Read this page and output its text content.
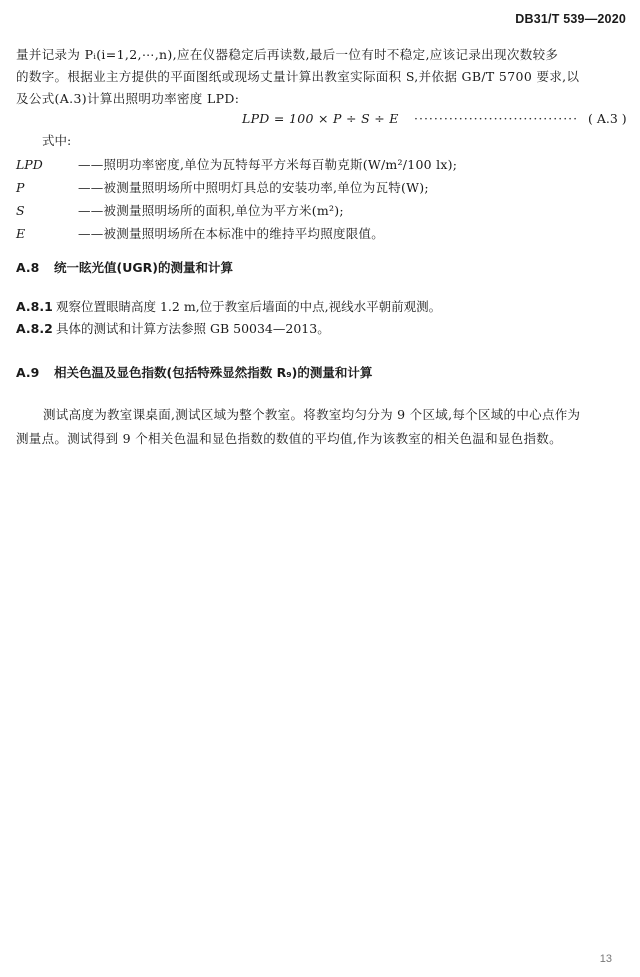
DB31/T 539—2020
量并记录为 Pᵢ(i=1,2,⋯,n),应在仪器稳定后再读数,最后一位有时不稳定,应该记录出现次数较多
的数字。根据业主方提供的平面图纸或现场丈量计算出教室实际面积 S,并依据 GB/T 5700 要求,以
及公式(A.3)计算出照明功率密度 LPD:
LPD = 100 × P ÷ S ÷ E ································· ( A.3 )
式中:
LPD	——照明功率密度,单位为瓦特每平方米每百勒克斯(W/m²/100 lx);
P	——被测量照明场所中照明灯具总的安装功率,单位为瓦特(W);
S	——被测量照明场所的面积,单位为平方米(m²);
E	——被测量照明场所在本标准中的维持平均照度限值。
A.8 统一眩光值(UGR)的测量和计算
A.8.1 观察位置眼睛高度 1.2 m,位于教室后墙面的中点,视线水平朝前观测。
A.8.2 具体的测试和计算方法参照 GB 50034—2013。
A.9 相关色温及显色指数(包括特殊显然指数 R₉)的测量和计算
测试高度为教室课桌面,测试区域为整个教室。将教室均匀分为 9 个区域,每个区域的中心点作为
测量点。测试得到 9 个相关色温和显色指数的数值的平均值,作为该教室的相关色温和显色指数。
13
